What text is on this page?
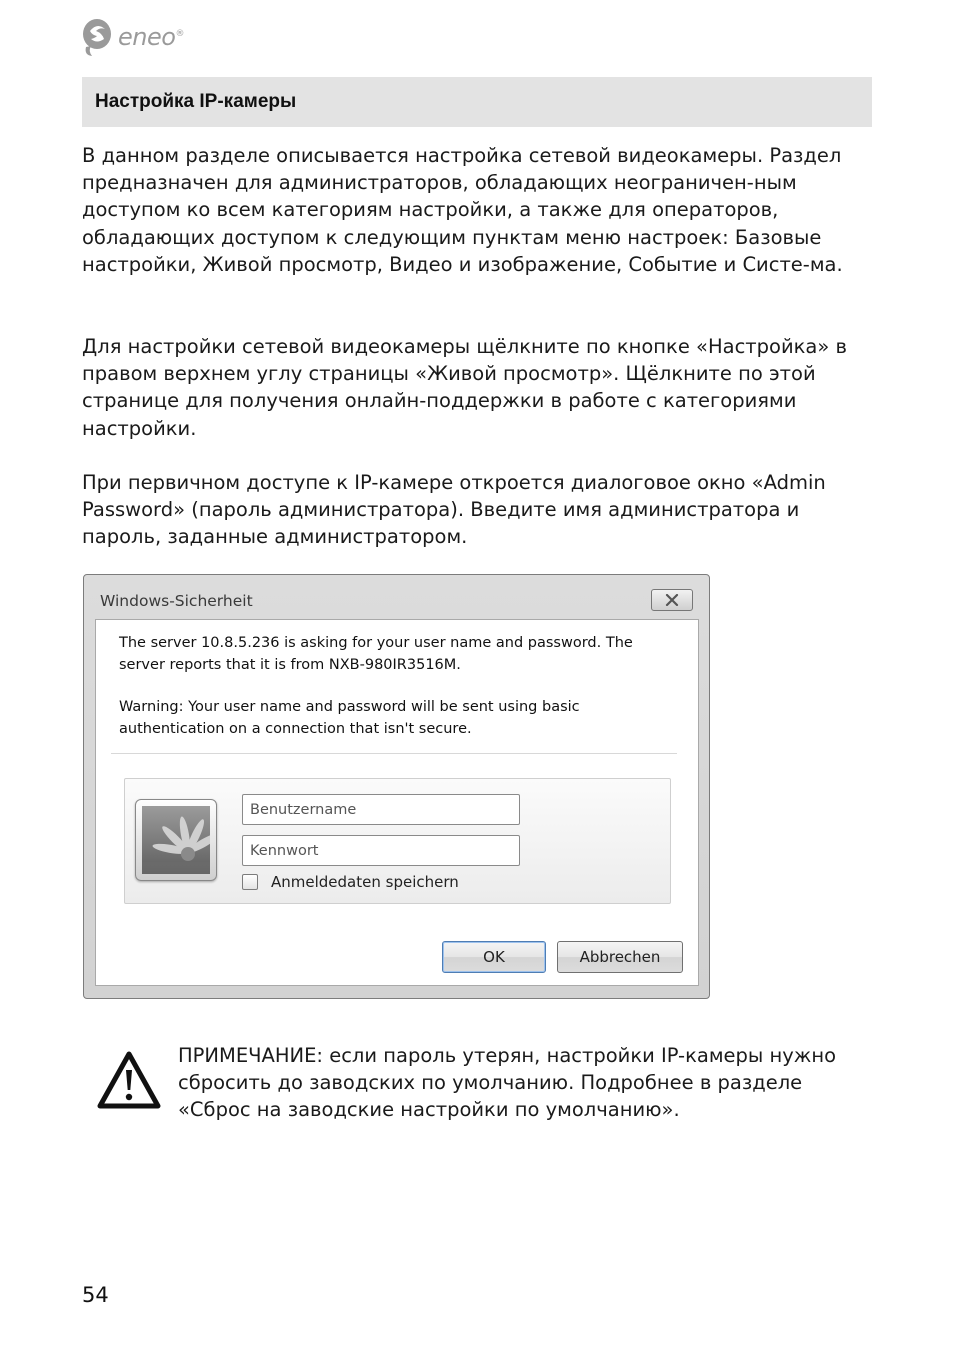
eneo®
Настройка IP-камеры

В данном разделе описывается настройка сетевой видеокамеры. Раздел предназначен для администраторов, обладающих неограничен-ным доступом ко всем категориям настройки, а также для операторов, обладающих доступом к следующим пунктам меню настроек: Базовые настройки, Живой просмотр, Видео и изображение, Событие и Систе-ма.

Для настройки сетевой видеокамеры щёлкните по кнопке «Настройка» в правом верхнем углу страницы «Живой просмотр». Щёлкните по этой странице для получения онлайн-поддержки в работе с категориями настройки.

При первичном доступе к IP-камере откроется диалоговое окно «Admin Password» (пароль администратора). Введите имя администратора и пароль, заданные администратором.

Windows-Sicherheit

The server 10.8.5.236 is asking for your user name and password. The server reports that it is from NXB-980IR3516M.

Warning: Your user name and password will be sent using basic authentication on a connection that isn't secure.

Benutzername
Anmeldedaten speichern
OK	Abbrechen

ПРИМЕЧАНИЕ: если пароль утерян, настройки IP-камеры нужно сбросить до заводских по умолчанию. Подробнее в разделе «Сброс на заводские настройки по умолчанию».

54
